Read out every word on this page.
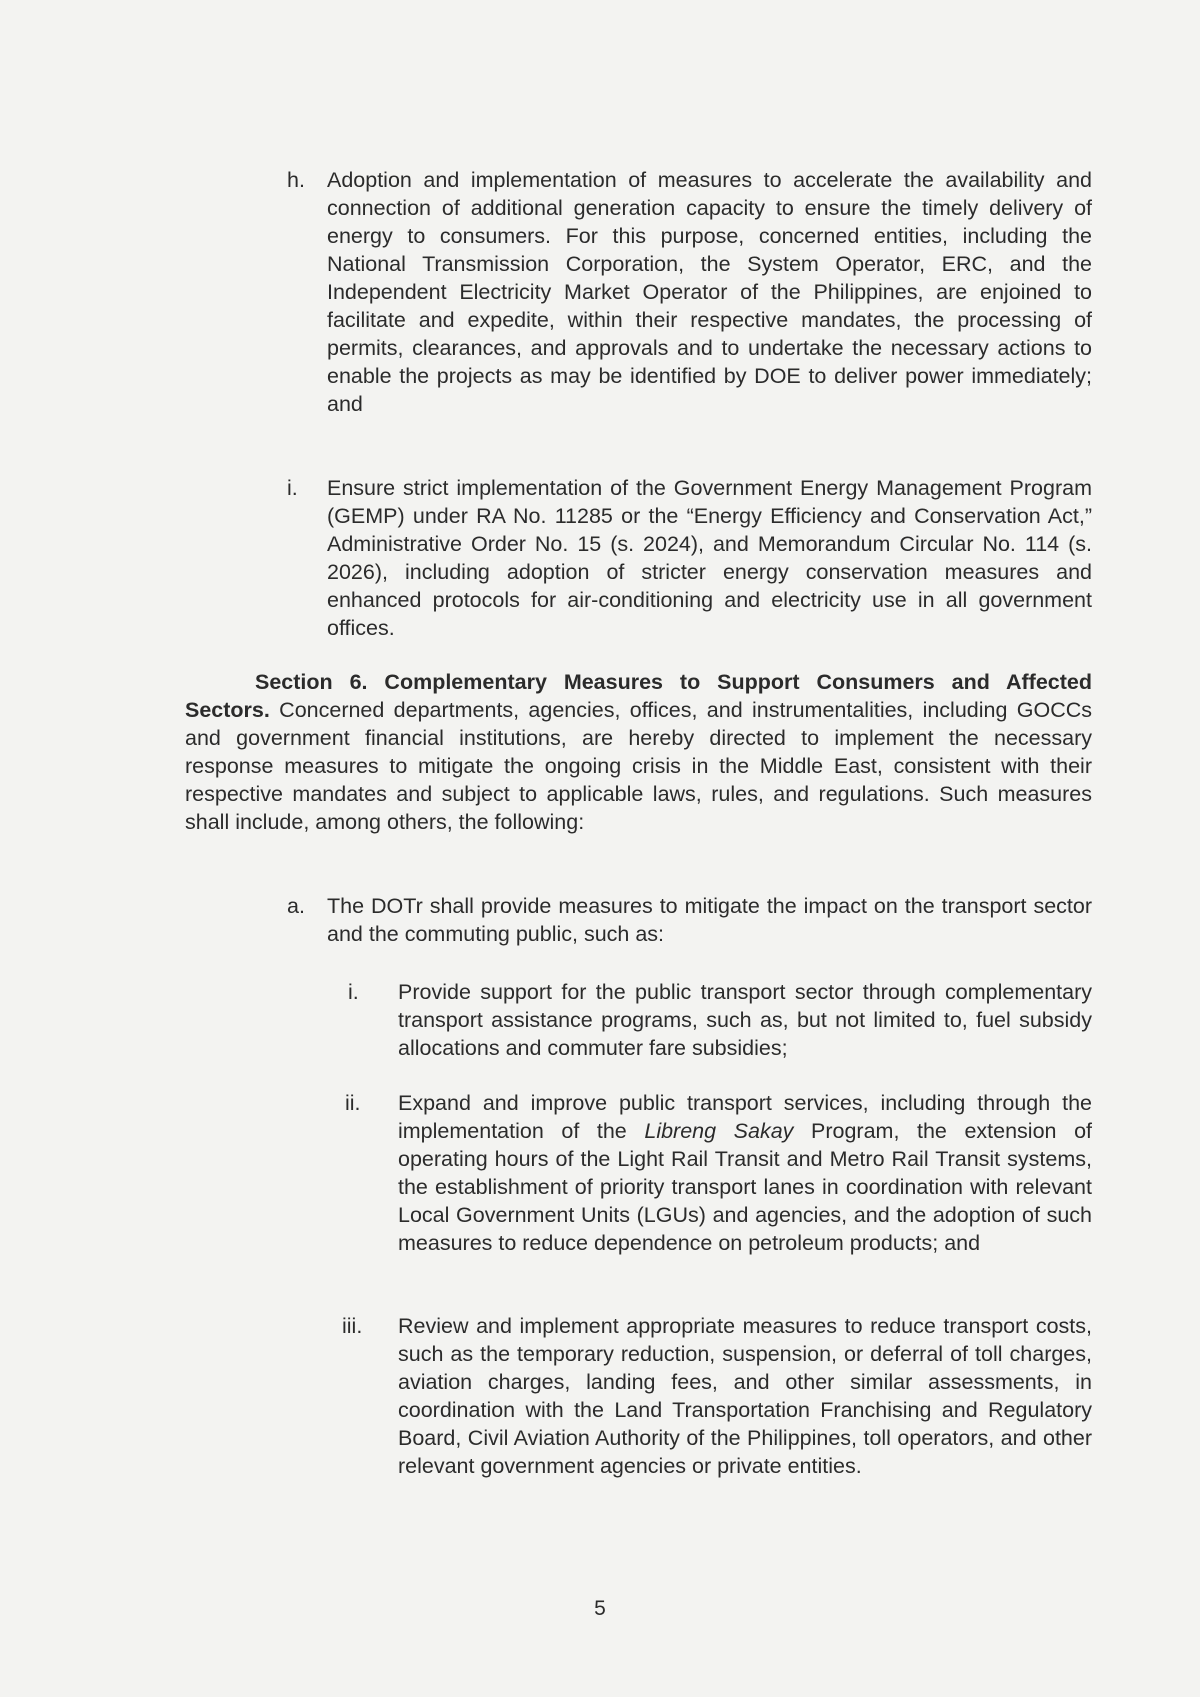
h. Adoption and implementation of measures to accelerate the availability and connection of additional generation capacity to ensure the timely delivery of energy to consumers. For this purpose, concerned entities, including the National Transmission Corporation, the System Operator, ERC, and the Independent Electricity Market Operator of the Philippines, are enjoined to facilitate and expedite, within their respective mandates, the processing of permits, clearances, and approvals and to undertake the necessary actions to enable the projects as may be identified by DOE to deliver power immediately; and
i. Ensure strict implementation of the Government Energy Management Program (GEMP) under RA No. 11285 or the “Energy Efficiency and Conservation Act,” Administrative Order No. 15 (s. 2024), and Memorandum Circular No. 114 (s. 2026), including adoption of stricter energy conservation measures and enhanced protocols for air-conditioning and electricity use in all government offices.
Section 6. Complementary Measures to Support Consumers and Affected Sectors. Concerned departments, agencies, offices, and instrumentalities, including GOCCs and government financial institutions, are hereby directed to implement the necessary response measures to mitigate the ongoing crisis in the Middle East, consistent with their respective mandates and subject to applicable laws, rules, and regulations. Such measures shall include, among others, the following:
a. The DOTr shall provide measures to mitigate the impact on the transport sector and the commuting public, such as:
i. Provide support for the public transport sector through complementary transport assistance programs, such as, but not limited to, fuel subsidy allocations and commuter fare subsidies;
ii. Expand and improve public transport services, including through the implementation of the Libreng Sakay Program, the extension of operating hours of the Light Rail Transit and Metro Rail Transit systems, the establishment of priority transport lanes in coordination with relevant Local Government Units (LGUs) and agencies, and the adoption of such measures to reduce dependence on petroleum products; and
iii. Review and implement appropriate measures to reduce transport costs, such as the temporary reduction, suspension, or deferral of toll charges, aviation charges, landing fees, and other similar assessments, in coordination with the Land Transportation Franchising and Regulatory Board, Civil Aviation Authority of the Philippines, toll operators, and other relevant government agencies or private entities.
5
